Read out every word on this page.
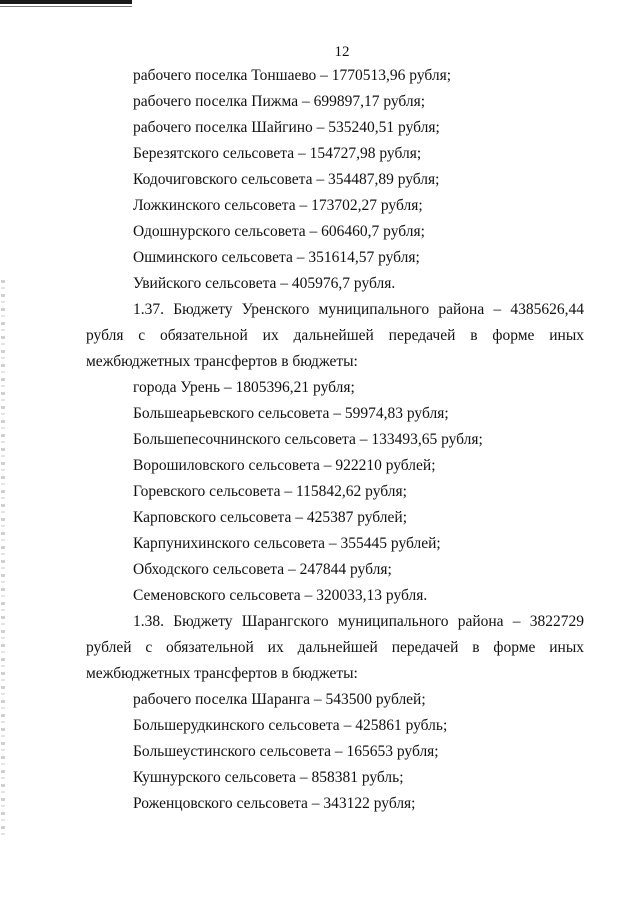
12
рабочего поселка Тоншаево – 1770513,96 рубля;
рабочего поселка Пижма – 699897,17 рубля;
рабочего поселка Шайгино – 535240,51 рубля;
Березятского сельсовета – 154727,98 рубля;
Кодочиговского сельсовета – 354487,89 рубля;
Ложкинского сельсовета – 173702,27 рубля;
Одошнурского сельсовета – 606460,7 рубля;
Ошминского сельсовета – 351614,57 рубля;
Увийского сельсовета – 405976,7 рубля.
1.37. Бюджету Уренского муниципального района – 4385626,44
рубля с обязательной их дальнейшей передачей в форме иных
межбюджетных трансфертов в бюджеты:
города Урень – 1805396,21 рубля;
Большеарьевского сельсовета – 59974,83 рубля;
Большепесочнинского сельсовета – 133493,65 рубля;
Ворошиловского сельсовета – 922210 рублей;
Горевского сельсовета – 115842,62 рубля;
Карповского сельсовета – 425387 рублей;
Карпунихинского сельсовета – 355445 рублей;
Обходского сельсовета – 247844 рубля;
Семеновского сельсовета – 320033,13 рубля.
1.38. Бюджету Шарангского муниципального района – 3822729
рублей с обязательной их дальнейшей передачей в форме иных
межбюджетных трансфертов в бюджеты:
рабочего поселка Шаранга – 543500 рублей;
Большерудкинского сельсовета – 425861 рубль;
Большеустинского сельсовета – 165653 рубля;
Кушнурского сельсовета – 858381 рубль;
Роженцовского сельсовета – 343122 рубля;
